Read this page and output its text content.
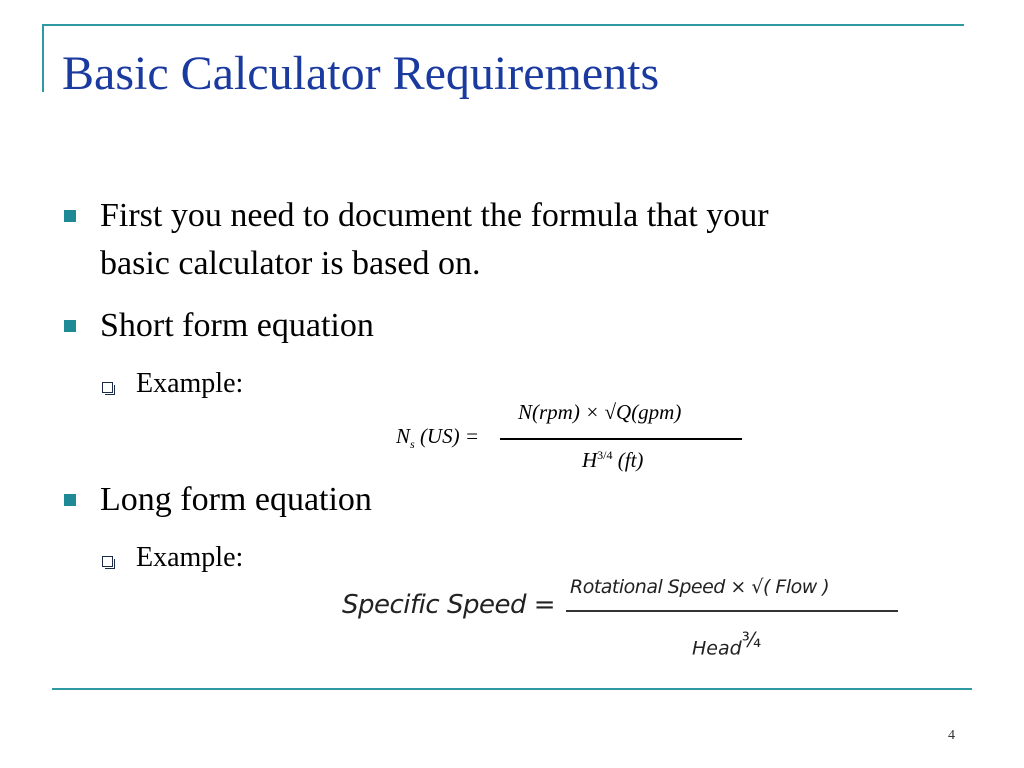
Basic Calculator Requirements
First you need to document the formula that your
basic calculator is based on.
Short form equation
Example:
$N_s$ (US) =
N(rpm) × √Q(gpm)
$H^{3/4}$ (ft)
Long form equation
Example:
Specific Speed =
Rotational Speed × √( Flow )
Head$^{\frac{3}{4}}$
4
